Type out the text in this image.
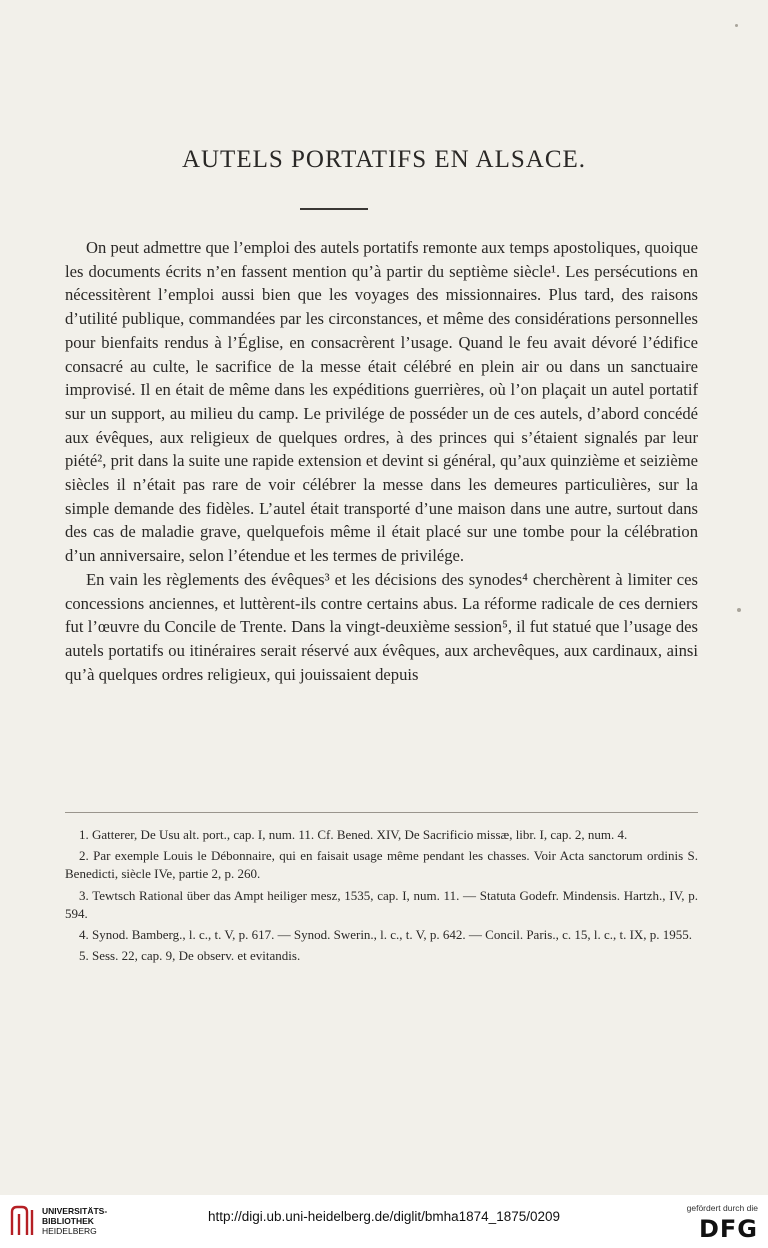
AUTELS PORTATIFS EN ALSACE.

On peut admettre que l’emploi des autels portatifs remonte aux temps apostoliques, quoique les documents écrits n’en fassent mention qu’à partir du septième siècle¹. Les persécutions en nécessitèrent l’emploi aussi bien que les voyages des missionnaires. Plus tard, des raisons d’utilité publique, commandées par les circonstances, et même des considérations personnelles pour bienfaits rendus à l’Église, en consacrèrent l’usage. Quand le feu avait dévoré l’édifice consacré au culte, le sacrifice de la messe était célébré en plein air ou dans un sanctuaire improvisé. Il en était de même dans les expéditions guerrières, où l’on plaçait un autel portatif sur un support, au milieu du camp. Le privilége de posséder un de ces autels, d’abord concédé aux évêques, aux religieux de quelques ordres, à des princes qui s’étaient signalés par leur piété², prit dans la suite une rapide extension et devint si général, qu’aux quinzième et seizième siècles il n’était pas rare de voir célébrer la messe dans les demeures particulières, sur la simple demande des fidèles. L’autel était transporté d’une maison dans une autre, surtout dans des cas de maladie grave, quelquefois même il était placé sur une tombe pour la célébration d’un anniversaire, selon l’étendue et les termes de privilége.

En vain les règlements des évêques³ et les décisions des synodes⁴ cherchèrent à limiter ces concessions anciennes, et luttèrent-ils contre certains abus. La réforme radicale de ces derniers fut l’œuvre du Concile de Trente. Dans la vingt-deuxième session⁵, il fut statué que l’usage des autels portatifs ou itinéraires serait réservé aux évêques, aux archevêques, aux cardinaux, ainsi qu’à quelques ordres religieux, qui jouissaient depuis

1. Gatterer, De Usu alt. port., cap. I, num. 11. Cf. Bened. XIV, De Sacrificio missæ, libr. I, cap. 2, num. 4.

2. Par exemple Louis le Débonnaire, qui en faisait usage même pendant les chasses. Voir Acta sanctorum ordinis S. Benedicti, siècle IVe, partie 2, p. 260.

3. Tewtsch Rational über das Ampt heiliger mesz, 1535, cap. I, num. 11. — Statuta Godefr. Mindensis. Hartzh., IV, p. 594.

4. Synod. Bamberg., l. c., t. V, p. 617. — Synod. Swerin., l. c., t. V, p. 642. — Concil. Paris., c. 15, l. c., t. IX, p. 1955.

5. Sess. 22, cap. 9, De observ. et evitandis.

UNIVERSITÄTS-
BIBLIOTHEK
HEIDELBERG
http://digi.ub.uni-heidelberg.de/diglit/bmha1874_1875/0209
gefördert durch die
DFG
